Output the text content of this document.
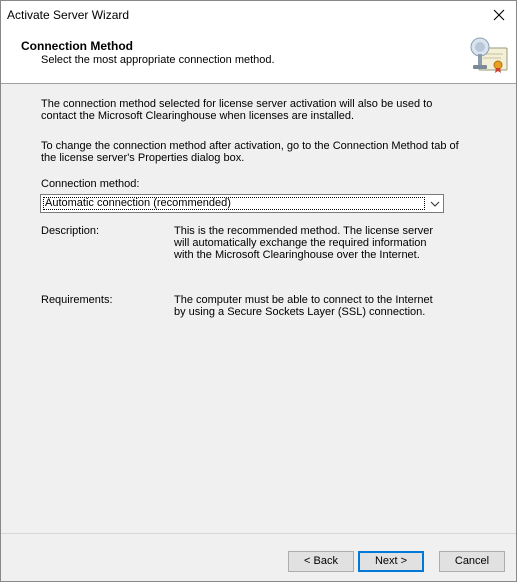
Activate Server Wizard
Connection Method
Select the most appropriate connection method.

The connection method selected for license server activation will also be used to contact the Microsoft Clearinghouse when licenses are installed.

To change the connection method after activation, go to the Connection Method tab of the license server's Properties dialog box.

Connection method:
Automatic connection (recommended)
Description:	This is the recommended method. The license server will automatically exchange the required information with the Microsoft Clearinghouse over the Internet.
Requirements:	The computer must be able to connect to the Internet by using a Secure Sockets Layer (SSL) connection.
< Back	Next >	Cancel
